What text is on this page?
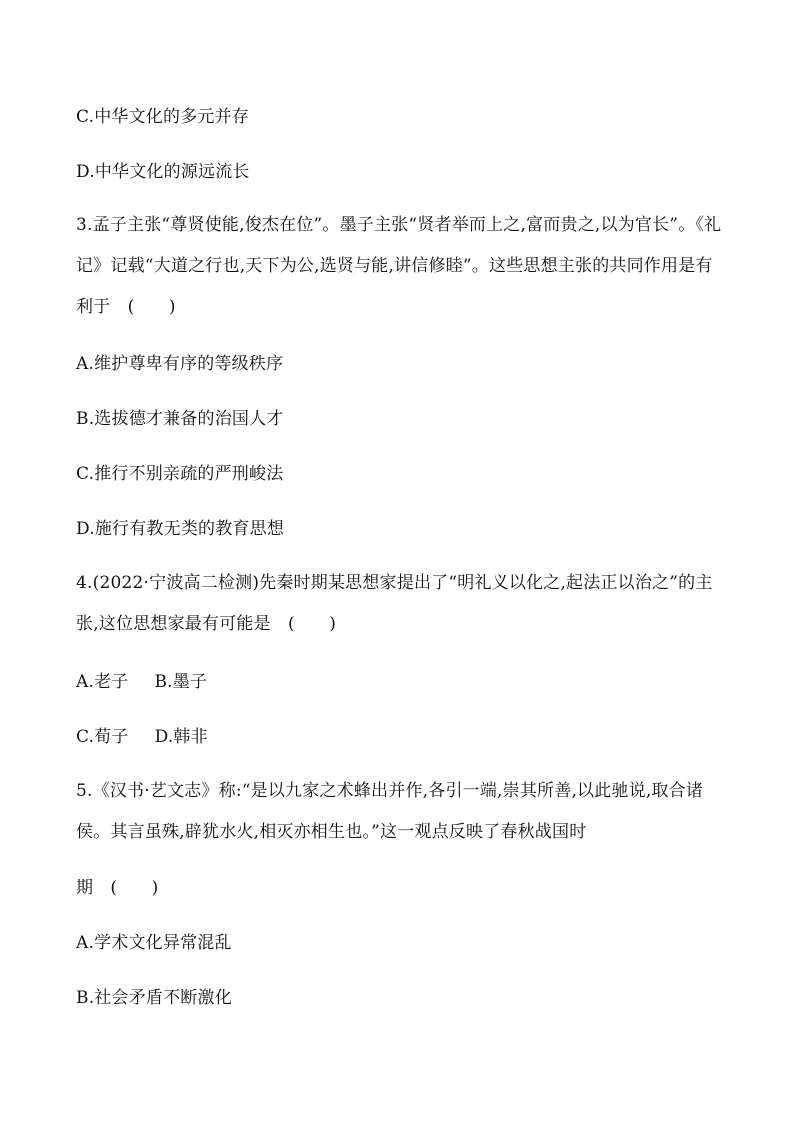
C.中华文化的多元并存
D.中华文化的源远流长
3.孟子主张“尊贤使能,俊杰在位”。墨子主张“贤者举而上之,富而贵之,以为官长”。《礼记》记载“大道之行也,天下为公,选贤与能,讲信修睦”。这些思想主张的共同作用是有利于　(　　)
A.维护尊卑有序的等级秩序
B.选拔德才兼备的治国人才
C.推行不别亲疏的严刑峻法
D.施行有教无类的教育思想
4.(2022·宁波高二检测)先秦时期某思想家提出了“明礼义以化之,起法正以治之”的主张,这位思想家最有可能是　(　　)
A.老子 B.墨子
C.荀子 D.韩非
5.《汉书·艺文志》称:“是以九家之术蜂出并作,各引一端,崇其所善,以此驰说,取合诸侯。其言虽殊,辟犹水火,相灭亦相生也。”这一观点反映了春秋战国时
期　(　　)
A.学术文化异常混乱
B.社会矛盾不断激化
